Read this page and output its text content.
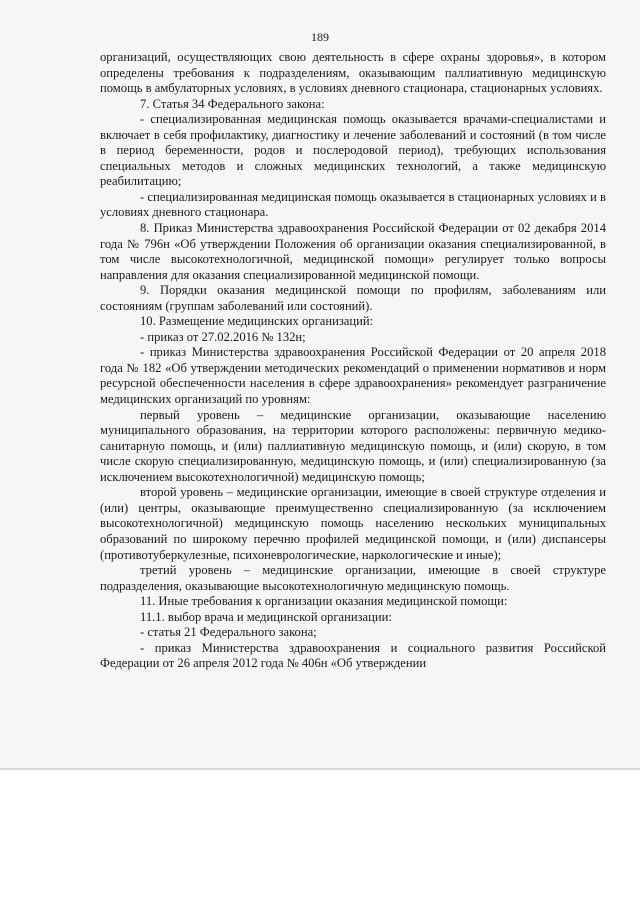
189

организаций, осуществляющих свою деятельность в сфере охраны здоровья», в котором определены требования к подразделениям, оказывающим паллиативную медицинскую помощь в амбулаторных условиях, в условиях дневного стационара, стационарных условиях.

7. Статья 34 Федерального закона:

- специализированная медицинская помощь оказывается врачами-специалистами и включает в себя профилактику, диагностику и лечение заболеваний и состояний (в том числе в период беременности, родов и послеродовой период), требующих использования специальных методов и сложных медицинских технологий, а также медицинскую реабилитацию;

- специализированная медицинская помощь оказывается в стационарных условиях и в условиях дневного стационара.

8. Приказ Министерства здравоохранения Российской Федерации от 02 декабря 2014 года № 796н «Об утверждении Положения об организации оказания специализированной, в том числе высокотехнологичной, медицинской помощи» регулирует только вопросы направления для оказания специализированной медицинской помощи.

9. Порядки оказания медицинской помощи по профилям, заболеваниям или состояниям (группам заболеваний или состояний).

10. Размещение медицинских организаций:

- приказ от 27.02.2016 № 132н;

- приказ Министерства здравоохранения Российской Федерации от 20 апреля 2018 года № 182 «Об утверждении методических рекомендаций о применении нормативов и норм ресурсной обеспеченности населения в сфере здравоохранения» рекомендует разграничение медицинских организаций по уровням:

первый уровень – медицинские организации, оказывающие населению муниципального образования, на территории которого расположены: первичную медико-санитарную помощь, и (или) паллиативную медицинскую помощь, и (или) скорую, в том числе скорую специализированную, медицинскую помощь, и (или) специализированную (за исключением высокотехнологичной) медицинскую помощь;

второй уровень – медицинские организации, имеющие в своей структуре отделения и (или) центры, оказывающие преимущественно специализированную (за исключением высокотехнологичной) медицинскую помощь населению нескольких муниципальных образований по широкому перечню профилей медицинской помощи, и (или) диспансеры (противотуберкулезные, психоневрологические, наркологические и иные);

третий уровень – медицинские организации, имеющие в своей структуре подразделения, оказывающие высокотехнологичную медицинскую помощь.

11. Иные требования к организации оказания медицинской помощи:

11.1. выбор врача и медицинской организации:

- статья 21 Федерального закона;

- приказ Министерства здравоохранения и социального развития Российской Федерации от 26 апреля 2012 года № 406н «Об утверждении
